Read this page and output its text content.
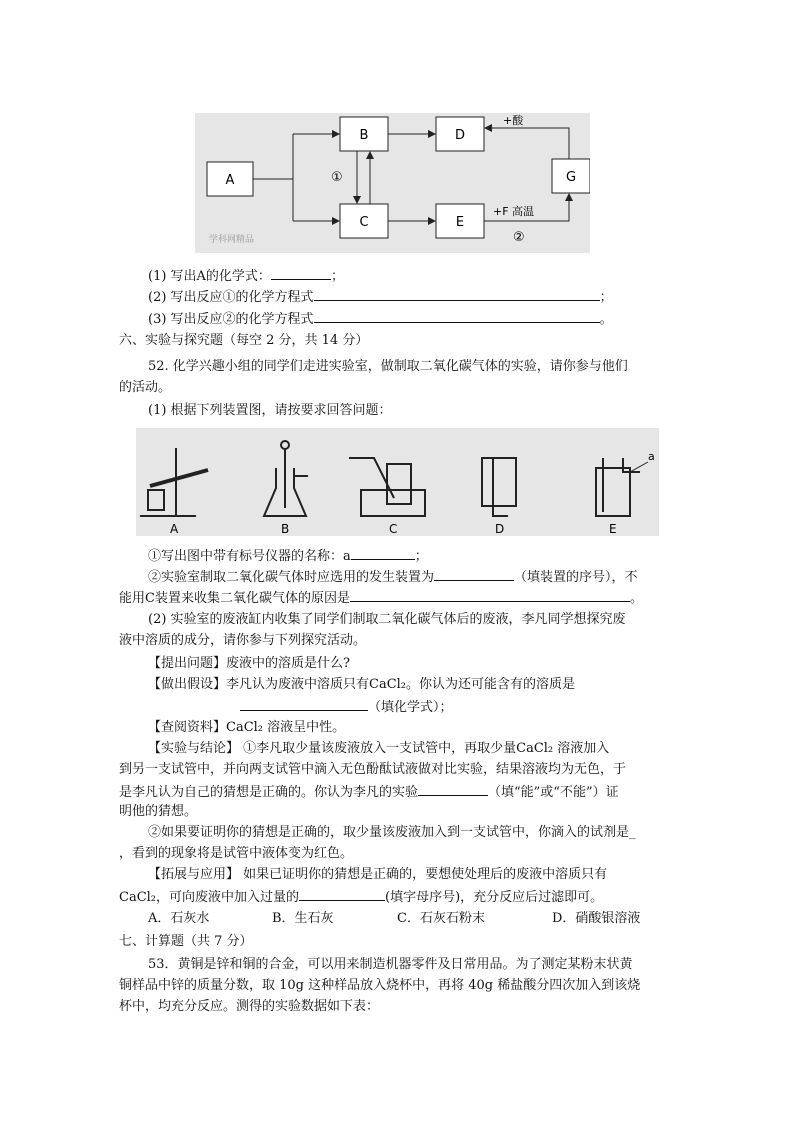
A
B
C
D
E
G
+酸
+F 高温
①
②
学科网精品
(1) 写出A的化学式：	；
(2) 写出反应①的化学方程式	；
(3) 写出反应②的化学方程式	。
六、实验与探究题（每空 2 分，共 14 分）
52. 化学兴趣小组的同学们走进实验室，做制取二氧化碳气体的实验，请你参与他们
的活动。
(1) 根据下列装置图，请按要求回答问题：
A	B	C	D	E
a
①写出图中带有标号仪器的名称：a	；
②实验室制取二氧化碳气体时应选用的发生装置为	（填装置的序号），不
能用C装置来收集二氧化碳气体的原因是	。
(2) 实验室的废液缸内收集了同学们制取二氧化碳气体后的废液，李凡同学想探究废
液中溶质的成分，请你参与下列探究活动。
【提出问题】废液中的溶质是什么?
【做出假设】李凡认为废液中溶质只有CaCl₂。你认为还可能含有的溶质是
（填化学式）；
【查阅资料】CaCl₂ 溶液呈中性。
【实验与结论】 ①李凡取少量该废液放入一支试管中，再取少量CaCl₂ 溶液加入
到另一支试管中，并向两支试管中滴入无色酚酞试液做对比实验，结果溶液均为无色，于
是李凡认为自己的猜想是正确的。你认为李凡的实验	（填“能”或“不能”）证
明他的猜想。
②如果要证明你的猜想是正确的，取少量该废液加入到一支试管中，你滴入的试剂是_
，看到的现象将是试管中液体变为红色。
【拓展与应用】 如果已证明你的猜想是正确的，要想使处理后的废液中溶质只有
CaCl₂，可向废液中加入过量的	(填字母序号)，充分反应后过滤即可。
A．石灰水	B．生石灰	C．石灰石粉末	D．硝酸银溶液
七、计算题（共 7 分）
53．黄铜是锌和铜的合金，可以用来制造机器零件及日常用品。为了测定某粉末状黄
铜样品中锌的质量分数，取 10g 这种样品放入烧杯中，再将 40g 稀盐酸分四次加入到该烧
杯中，均充分反应。测得的实验数据如下表：
